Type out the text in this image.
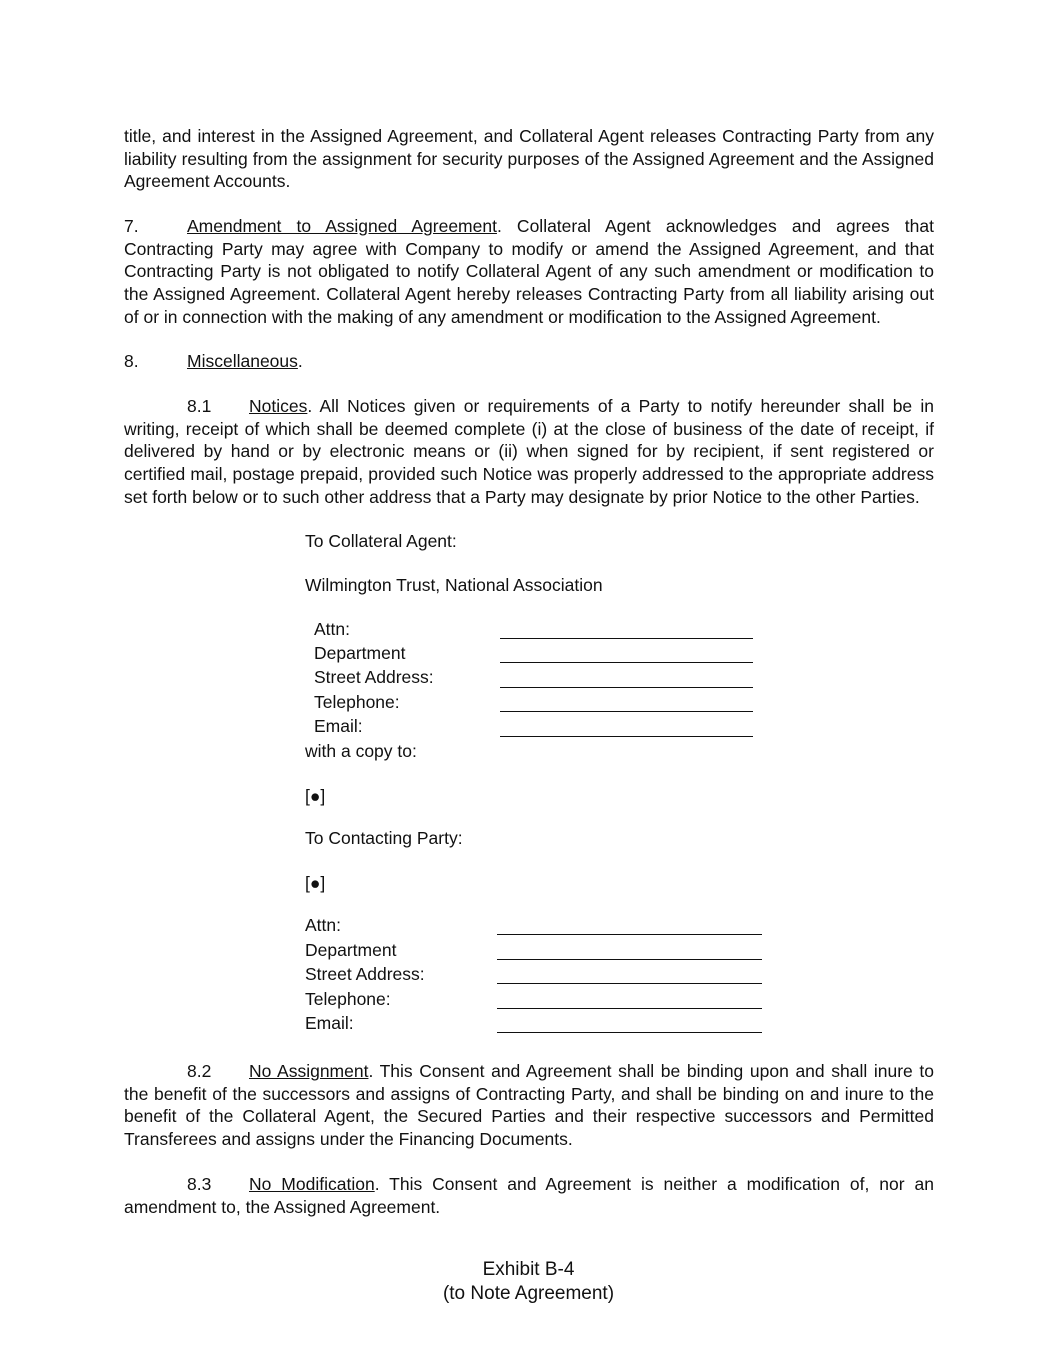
title, and interest in the Assigned Agreement, and Collateral Agent releases Contracting Party from any liability resulting from the assignment for security purposes of the Assigned Agreement and the Assigned Agreement Accounts.

7.	Amendment to Assigned Agreement. Collateral Agent acknowledges and agrees that Contracting Party may agree with Company to modify or amend the Assigned Agreement, and that Contracting Party is not obligated to notify Collateral Agent of any such amendment or modification to the Assigned Agreement. Collateral Agent hereby releases Contracting Party from all liability arising out of or in connection with the making of any amendment or modification to the Assigned Agreement.

8.	Miscellaneous.

8.1 Notices. All Notices given or requirements of a Party to notify hereunder shall be in writing, receipt of which shall be deemed complete (i) at the close of business of the date of receipt, if delivered by hand or by electronic means or (ii) when signed for by recipient, if sent registered or certified mail, postage prepaid, provided such Notice was properly addressed to the appropriate address set forth below or to such other address that a Party may designate by prior Notice to the other Parties.

To Collateral Agent:

Wilmington Trust, National Association

Attn:

Department

Street Address:

Telephone:

Email:

with a copy to:

[●]

To Contacting Party:

[●]

Attn:

Department

Street Address:

Telephone:

Email:

8.2 No Assignment. This Consent and Agreement shall be binding upon and shall inure to the benefit of the successors and assigns of Contracting Party, and shall be binding on and inure to the benefit of the Collateral Agent, the Secured Parties and their respective successors and Permitted Transferees and assigns under the Financing Documents.

8.3 No Modification. This Consent and Agreement is neither a modification of, nor an amendment to, the Assigned Agreement.

Exhibit B-4

(to Note Agreement)
